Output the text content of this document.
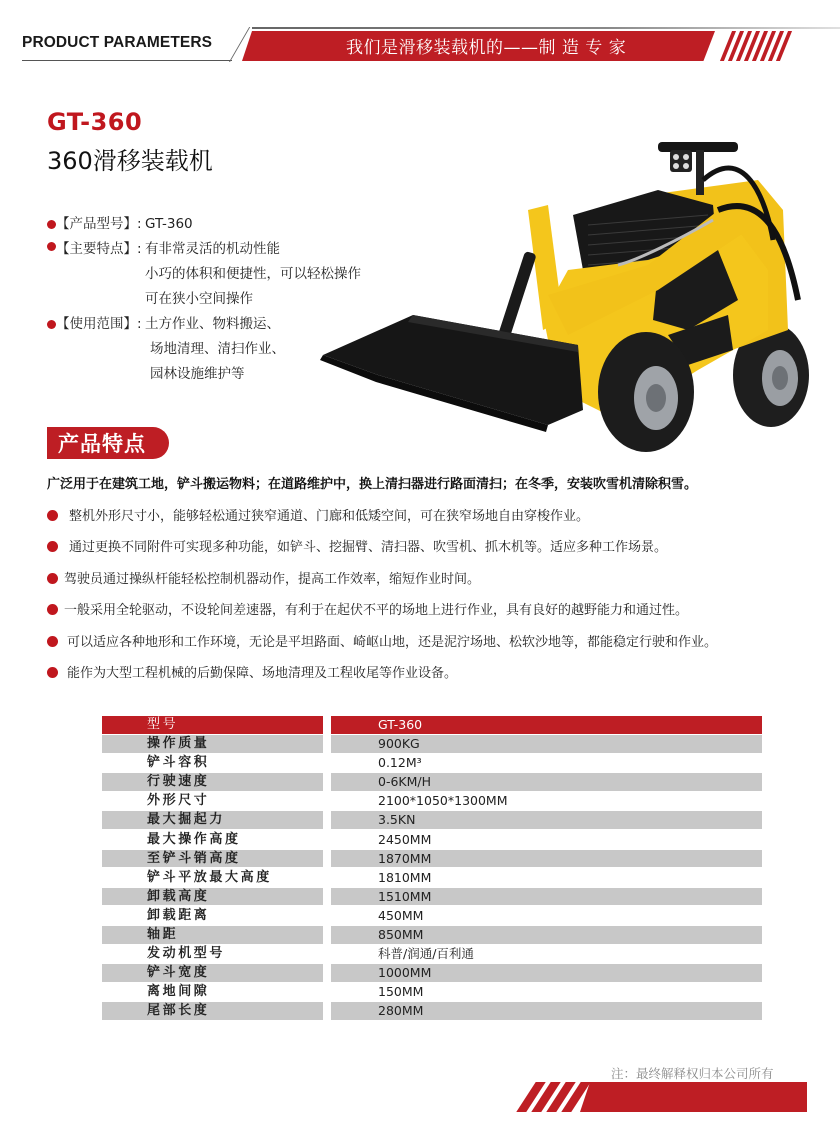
PRODUCT PARAMETERS	我们是滑移装载机的——制 造 专 家
GT-360
360滑移装载机
【产品型号】: GT-360
【主要特点】: 有非常灵活的机动性能
小巧的体积和便捷性，可以轻松操作
可在狭小空间操作
【使用范围】: 土方作业、物料搬运、
场地清理、清扫作业、
园林设施维护等
产品特点
广泛用于在建筑工地，铲斗搬运物料；在道路维护中，换上清扫器进行路面清扫；在冬季，安装吹雪机清除积雪。
整机外形尺寸小，能够轻松通过狭窄通道、门廊和低矮空间，可在狭窄场地自由穿梭作业。
通过更换不同附件可实现多种功能，如铲斗、挖掘臂、清扫器、吹雪机、抓木机等。适应多种工作场景。
驾驶员通过操纵杆能轻松控制机器动作，提高工作效率，缩短作业时间。
一般采用全轮驱动，不设轮间差速器，有利于在起伏不平的场地上进行作业，具有良好的越野能力和通过性。
可以适应各种地形和工作环境，无论是平坦路面、崎岖山地，还是泥泞场地、松软沙地等，都能稳定行驶和作业。
能作为大型工程机械的后勤保障、场地清理及工程收尾等作业设备。
型号	GT-360
操作质量	900KG
铲斗容积	0.12M³
行驶速度	0-6KM/H
外形尺寸	2100*1050*1300MM
最大掘起力	3.5KN
最大操作高度	2450MM
至铲斗销高度	1870MM
铲斗平放最大高度	1810MM
卸载高度	1510MM
卸载距离	450MM
轴距	850MM
发动机型号	科普/润通/百利通
铲斗宽度	1000MM
离地间隙	150MM
尾部长度	280MM
注：最终解释权归本公司所有
